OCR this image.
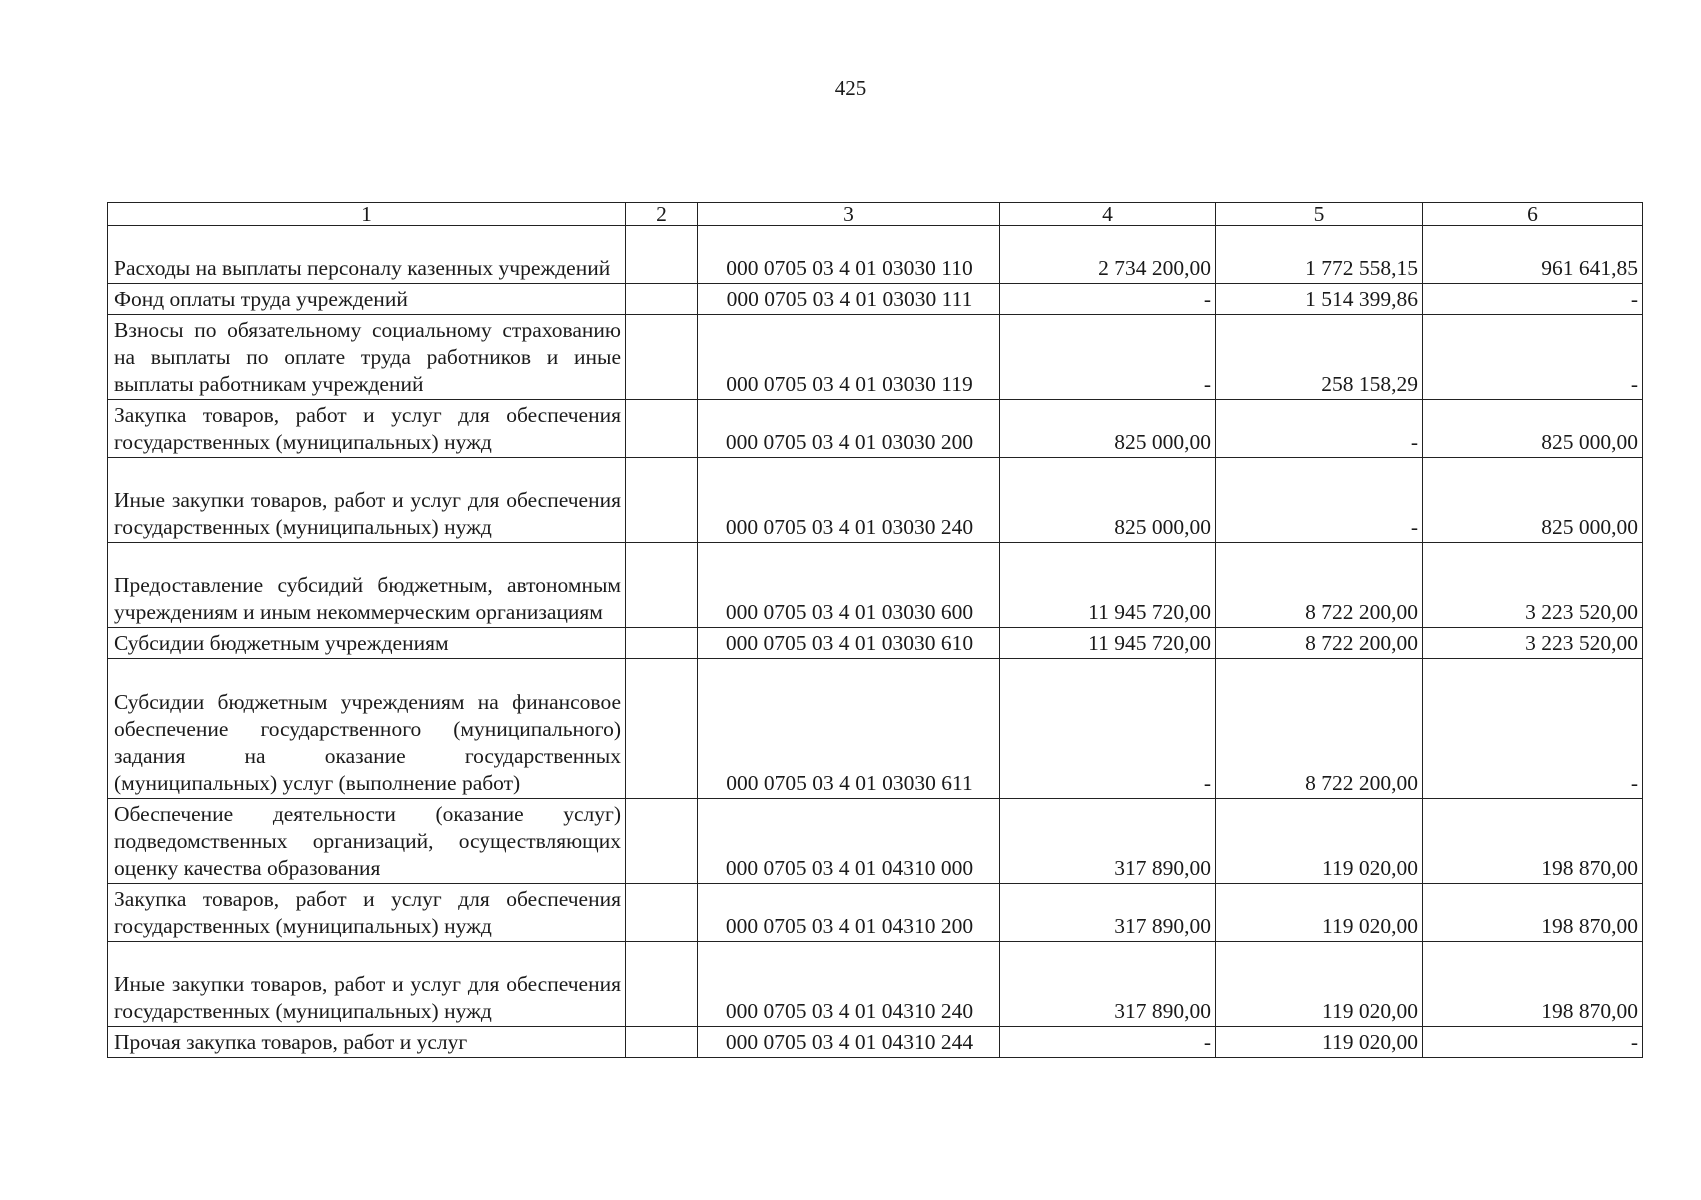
425
1	2	3	4	5	6
Расходы на выплаты персоналу казенных учреждений		000 0705 03 4 01 03030 110	2 734 200,00	1 772 558,15	961 641,85
Фонд оплаты труда учреждений		000 0705 03 4 01 03030 111	-	1 514 399,86	-
Взносы по обязательному социальному страхованию на выплаты по оплате труда работников и иные выплаты работникам учреждений		000 0705 03 4 01 03030 119	-	258 158,29	-
Закупка товаров, работ и услуг для обеспечения государственных (муниципальных) нужд		000 0705 03 4 01 03030 200	825 000,00	-	825 000,00
Иные закупки товаров, работ и услуг для обеспечения государственных (муниципальных) нужд		000 0705 03 4 01 03030 240	825 000,00	-	825 000,00
Предоставление субсидий бюджетным, автономным учреждениям и иным некоммерческим организациям		000 0705 03 4 01 03030 600	11 945 720,00	8 722 200,00	3 223 520,00
Субсидии бюджетным учреждениям		000 0705 03 4 01 03030 610	11 945 720,00	8 722 200,00	3 223 520,00
Субсидии бюджетным учреждениям на финансовое обеспечение государственного (муниципального) задания на оказание государственных (муниципальных) услуг (выполнение работ)		000 0705 03 4 01 03030 611	-	8 722 200,00	-
Обеспечение деятельности (оказание услуг) подведомственных организаций, осуществляющих оценку качества образования		000 0705 03 4 01 04310 000	317 890,00	119 020,00	198 870,00
Закупка товаров, работ и услуг для обеспечения государственных (муниципальных) нужд		000 0705 03 4 01 04310 200	317 890,00	119 020,00	198 870,00
Иные закупки товаров, работ и услуг для обеспечения государственных (муниципальных) нужд		000 0705 03 4 01 04310 240	317 890,00	119 020,00	198 870,00
Прочая закупка товаров, работ и услуг		000 0705 03 4 01 04310 244	-	119 020,00	-
